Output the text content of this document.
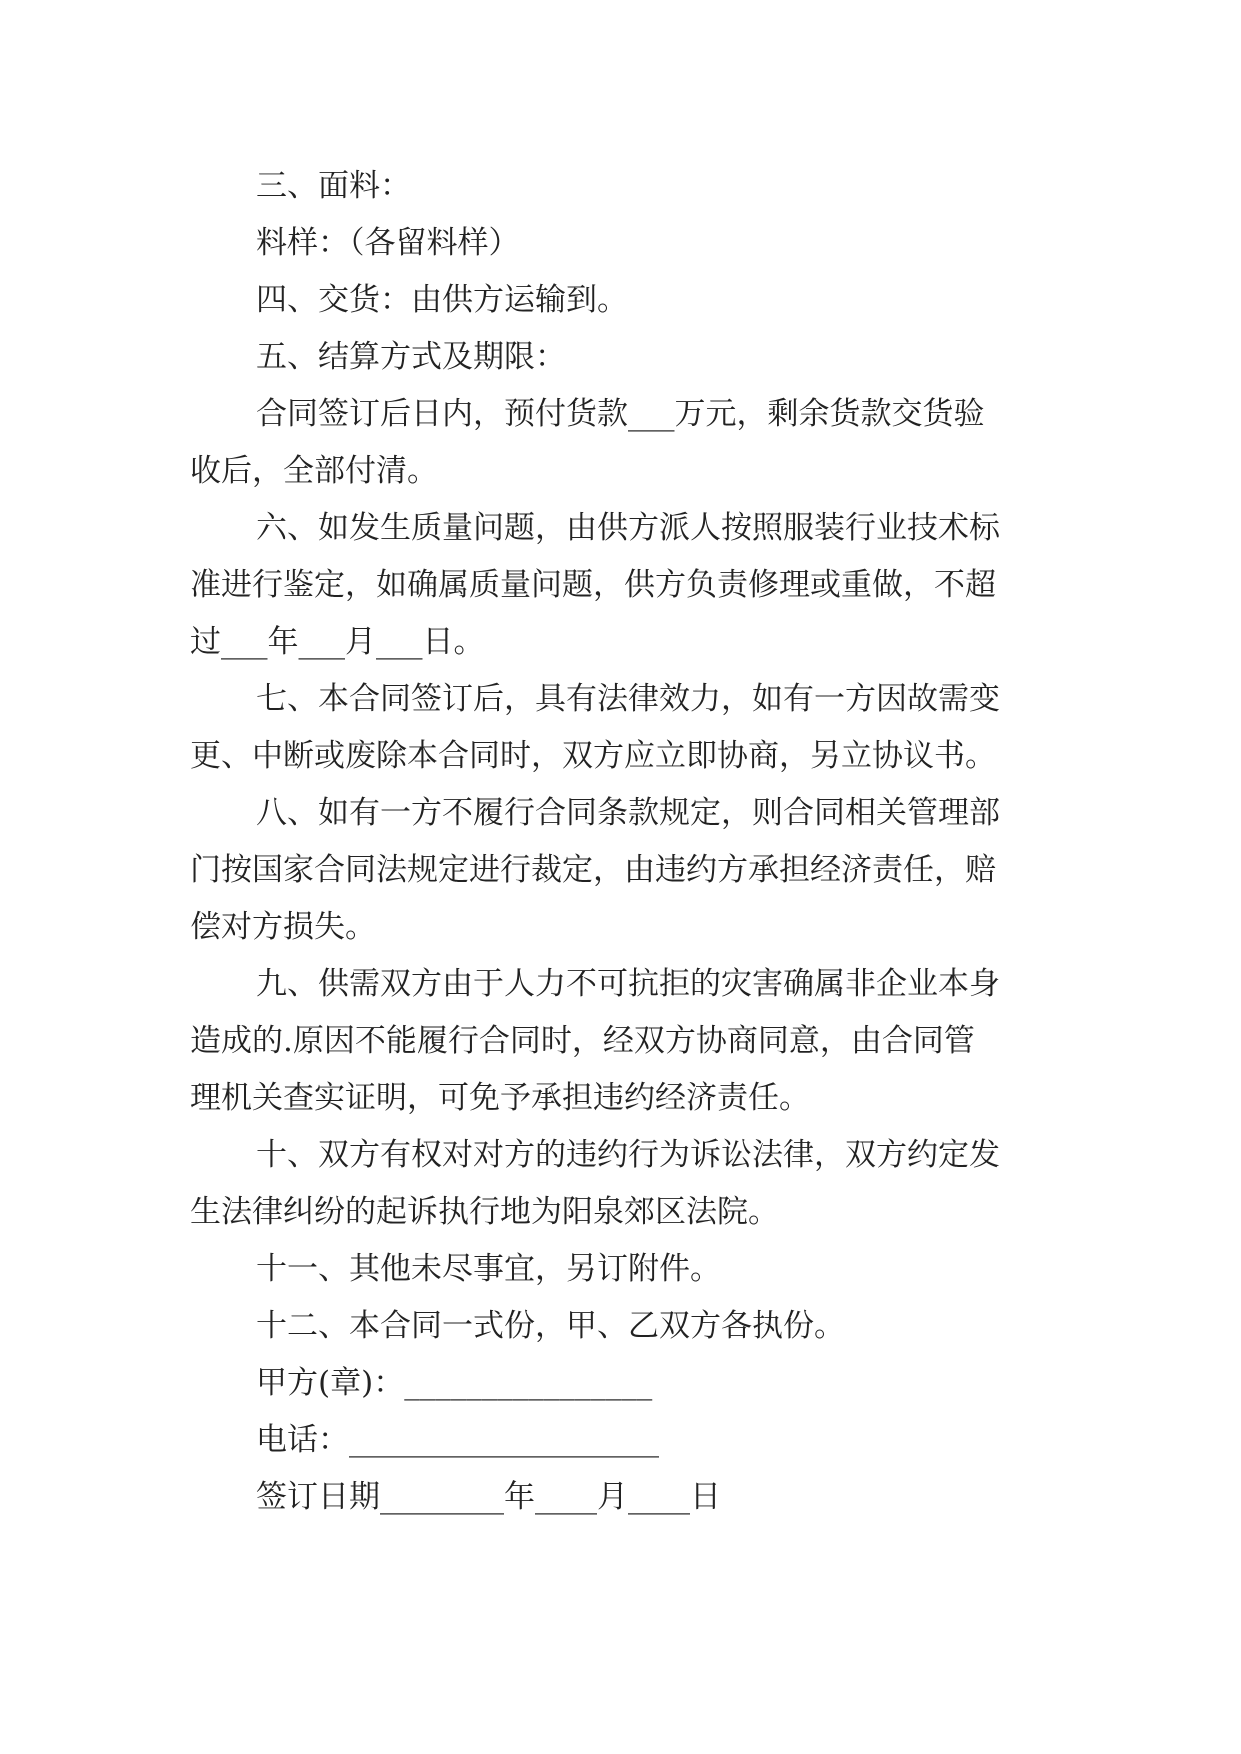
三、面料：
料样：（各留料样）
四、交货：由供方运输到。
五、结算方式及期限：
合同签订后日内，预付货款___万元，剩余货款交货验
收后，全部付清。
六、如发生质量问题，由供方派人按照服装行业技术标
准进行鉴定，如确属质量问题，供方负责修理或重做，不超
过___年___月___日。
七、本合同签订后，具有法律效力，如有一方因故需变
更、中断或废除本合同时，双方应立即协商，另立协议书。
八、如有一方不履行合同条款规定，则合同相关管理部
门按国家合同法规定进行裁定，由违约方承担经济责任，赔
偿对方损失。
九、供需双方由于人力不可抗拒的灾害确属非企业本身
造成的.原因不能履行合同时，经双方协商同意，由合同管
理机关查实证明，可免予承担违约经济责任。
十、双方有权对对方的违约行为诉讼法律，双方约定发
生法律纠纷的起诉执行地为阳泉郊区法院。
十一、其他未尽事宜，另订附件。
十二、本合同一式份，甲、乙双方各执份。
甲方(章)：________________
电话：____________________
签订日期________年____月____日
